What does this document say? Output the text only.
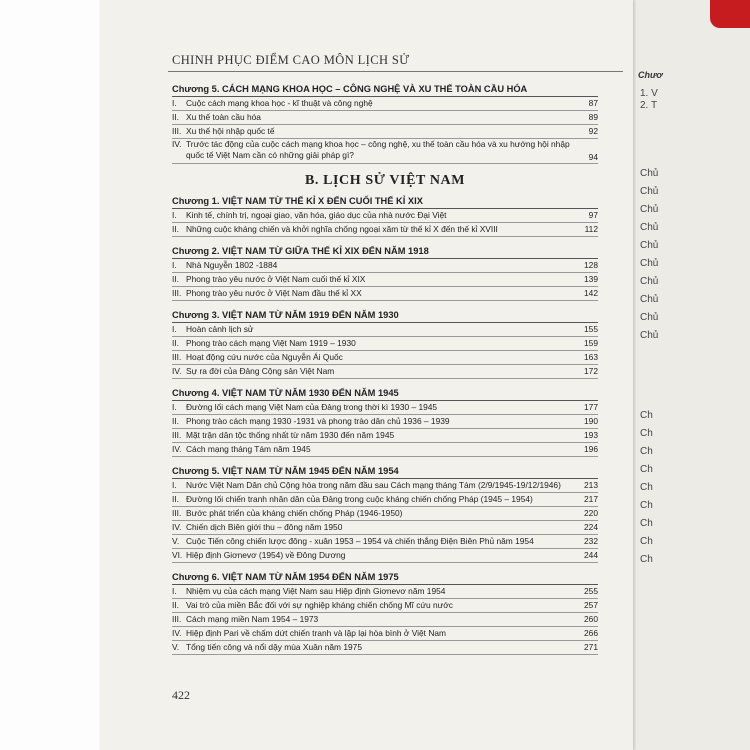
Chươ
1. V
2. T
Chủ
Chủ
Chủ
Chủ
Chủ
Chủ
Chủ
Chủ
Chủ
Chủ
Ch
Ch
Ch
Ch
Ch
Ch
Ch
Ch
Ch
CHINH PHỤC ĐIỂM CAO MÔN LỊCH SỬ
Chương 5. CÁCH MẠNG KHOA HỌC – CÔNG NGHỆ VÀ XU THẾ TOÀN CẦU HÓA
I.	Cuộc cách mạng khoa học - kĩ thuật và công nghệ	87
II. Xu thế toàn cầu hóa	89
III. Xu thế hội nhập quốc tế	92
IV. Trước tác động của cuộc cách mạng khoa học – công nghệ, xu thế toàn cầu hóa và xu hướng hội nhập quốc tế Việt Nam cần có những giải pháp gì?	94
B. LỊCH SỬ VIỆT NAM
Chương 1. VIỆT NAM TỪ THẾ KỈ X ĐẾN CUỐI THẾ KỈ XIX
I.	Kinh tế, chính trị, ngoại giao, văn hóa, giáo dục của nhà nước Đại Việt	97
II. Những cuộc kháng chiến và khởi nghĩa chống ngoại xâm từ thế kỉ X đến thế kỉ XVIII	112
Chương 2. VIỆT NAM TỪ GIỮA THẾ KỈ XIX ĐẾN NĂM 1918
I.	Nhà Nguyễn 1802 -1884	128
II. Phong trào yêu nước ở Việt Nam cuối thế kỉ XIX	139
III. Phong trào yêu nước ở Việt Nam đầu thế kỉ XX	142
Chương 3. VIỆT NAM TỪ NĂM 1919 ĐẾN NĂM 1930
I.	Hoàn cảnh lịch sử	155
II. Phong trào cách mạng Việt Nam 1919 – 1930	159
III. Hoạt động cứu nước của Nguyễn Ái Quốc	163
IV. Sự ra đời của Đảng Cộng sản Việt Nam	172
Chương 4. VIỆT NAM TỪ NĂM 1930 ĐẾN NĂM 1945
I.	Đường lối cách mạng Việt Nam của Đảng trong thời kì 1930 – 1945	177
II. Phong trào cách mạng 1930 -1931 và phong trào dân chủ 1936 – 1939	190
III. Mặt trận dân tộc thống nhất từ năm 1930 đến năm 1945	193
IV. Cách mạng tháng Tám năm 1945	196
Chương 5. VIỆT NAM TỪ NĂM 1945 ĐẾN NĂM 1954
I.	Nước Việt Nam Dân chủ Cộng hòa trong năm đầu sau Cách mạng tháng Tám (2/9/1945-19/12/1946)	213
II. Đường lối chiến tranh nhân dân của Đảng trong cuộc kháng chiến chống Pháp (1945 – 1954)	217
III. Bước phát triển của kháng chiến chống Pháp (1946-1950)	220
IV. Chiến dịch Biên giới thu – đông năm 1950	224
V. Cuộc Tiến công chiến lược đông - xuân 1953 – 1954 và chiến thắng Điện Biên Phủ năm 1954	232
VI. Hiệp định Giơnevơ (1954) về Đông Dương	244
Chương 6. VIỆT NAM TỪ NĂM 1954 ĐẾN NĂM 1975
I.	Nhiệm vụ của cách mạng Việt Nam sau Hiệp định Giơnevơ năm 1954	255
II. Vai trò của miền Bắc đối với sự nghiệp kháng chiến chống Mĩ cứu nước	257
III. Cách mạng miền Nam 1954 – 1973	260
IV. Hiệp định Pari về chấm dứt chiến tranh và lập lại hòa bình ở Việt Nam	266
V. Tổng tiến công và nổi dậy mùa Xuân năm 1975	271
422
